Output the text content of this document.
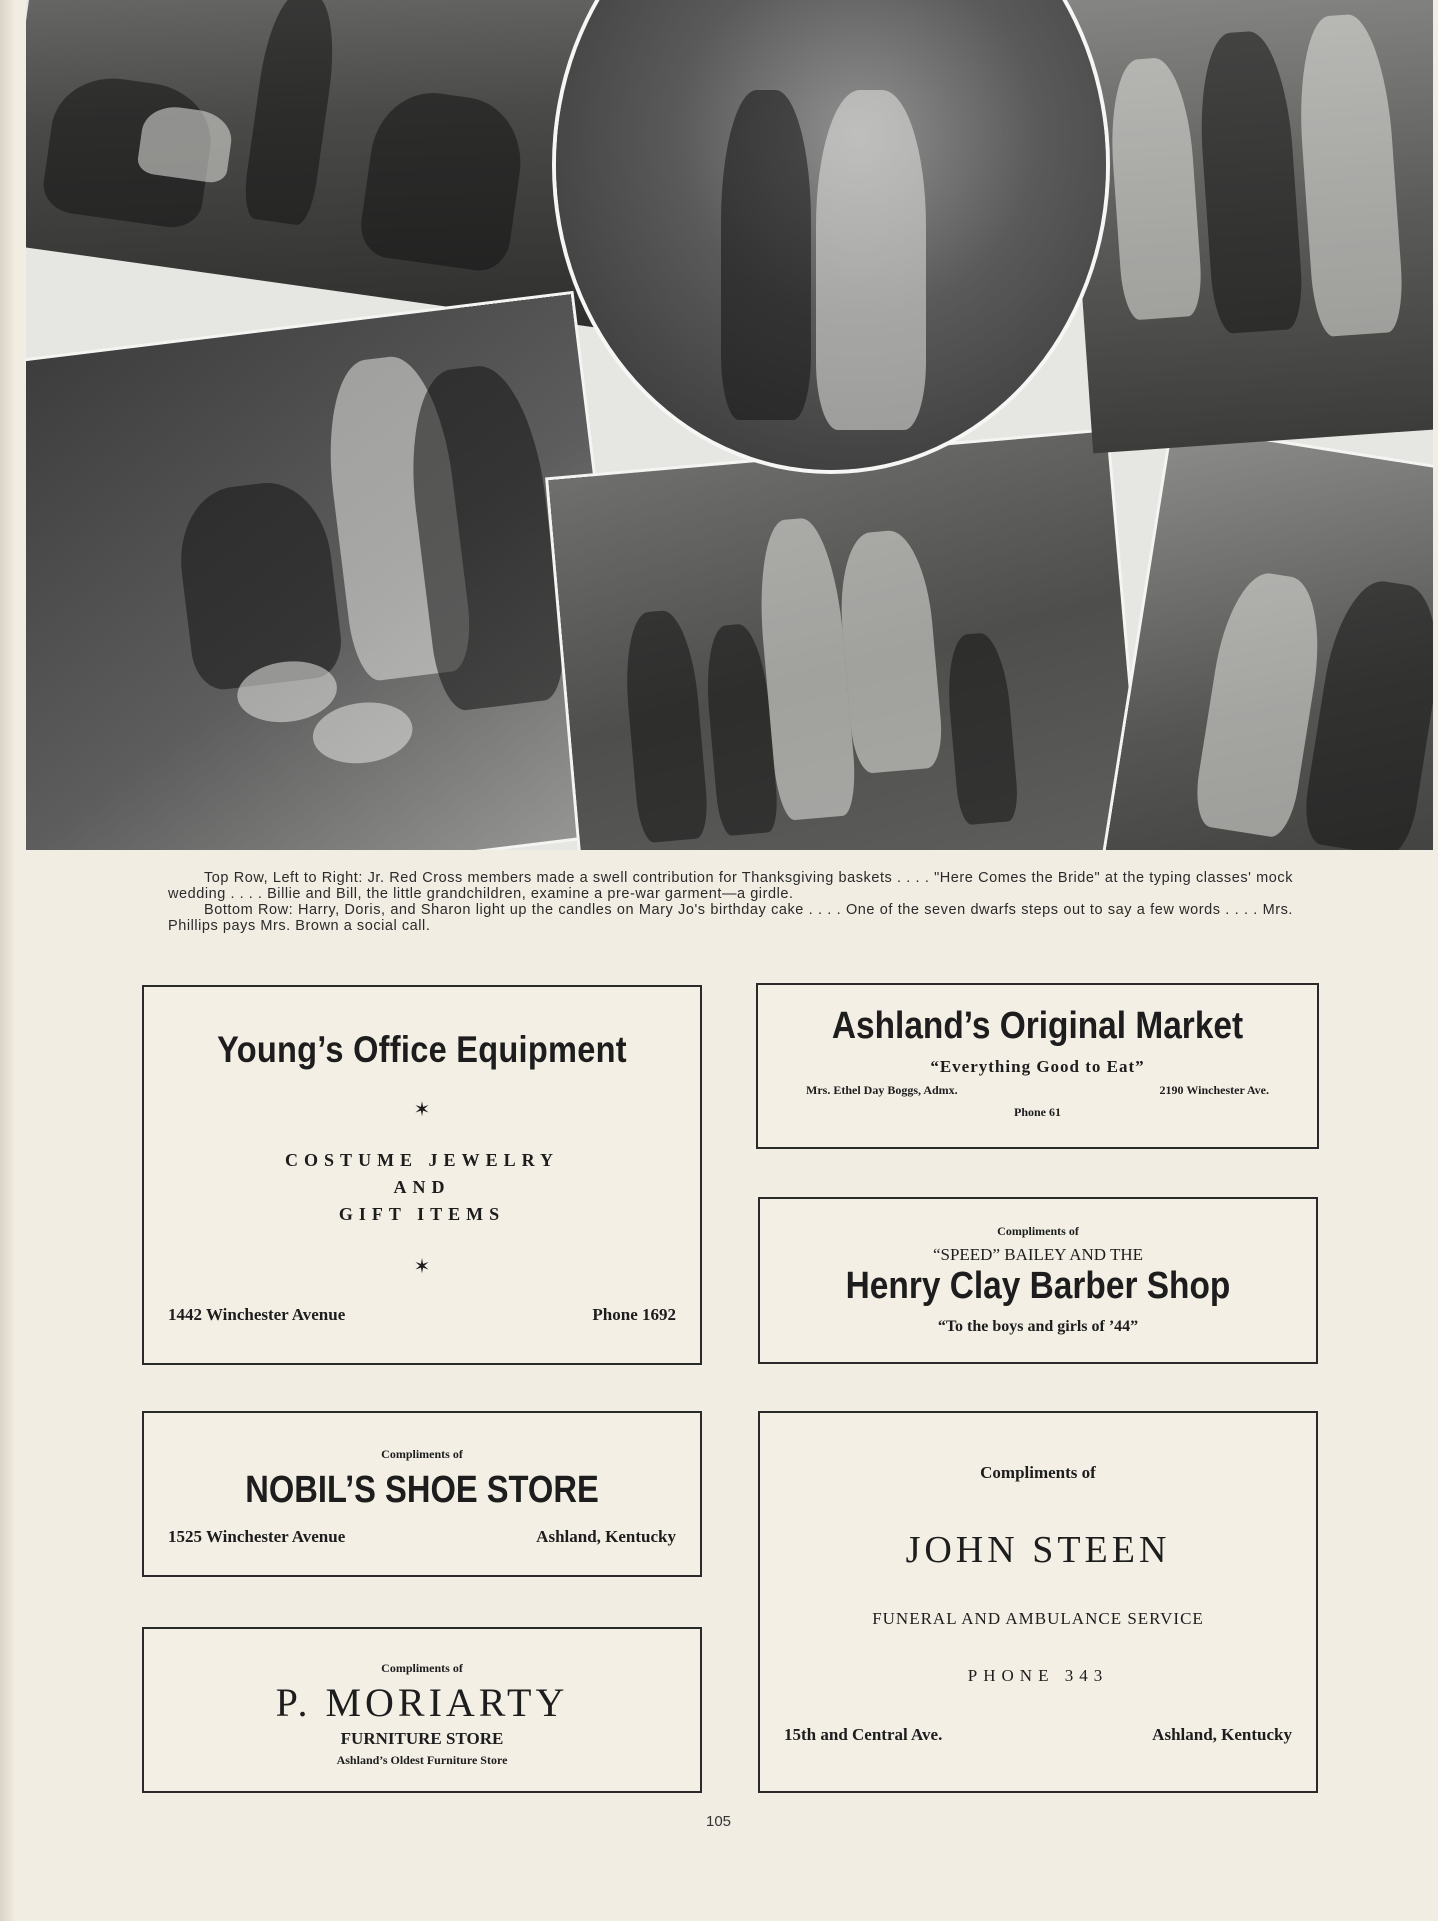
Top Row, Left to Right: Jr. Red Cross members made a swell contribution for Thanksgiving baskets . . . . "Here Comes the Bride" at the typing classes' mock wedding . . . . Billie and Bill, the little grandchildren, examine a pre-war garment—a girdle.

Bottom Row: Harry, Doris, and Sharon light up the candles on Mary Jo's birthday cake . . . . One of the seven dwarfs steps out to say a few words . . . . Mrs. Phillips pays Mrs. Brown a social call.

Young’s Office Equipment
✶
COSTUME JEWELRY
AND
GIFT ITEMS
✶
1442 Winchester Avenue	Phone 1692
Ashland’s Original Market
“Everything Good to Eat”
Mrs. Ethel Day Boggs, Admx.	2190 Winchester Ave.
Phone 61
Compliments of
“SPEED” BAILEY AND THE
Henry Clay Barber Shop
“To the boys and girls of ’44”
Compliments of
NOBIL’S SHOE STORE
1525 Winchester Avenue	Ashland, Kentucky
Compliments of
JOHN STEEN
FUNERAL AND AMBULANCE SERVICE
PHONE 343
15th and Central Ave.	Ashland, Kentucky
Compliments of
P. MORIARTY
FURNITURE STORE
Ashland’s Oldest Furniture Store
105
